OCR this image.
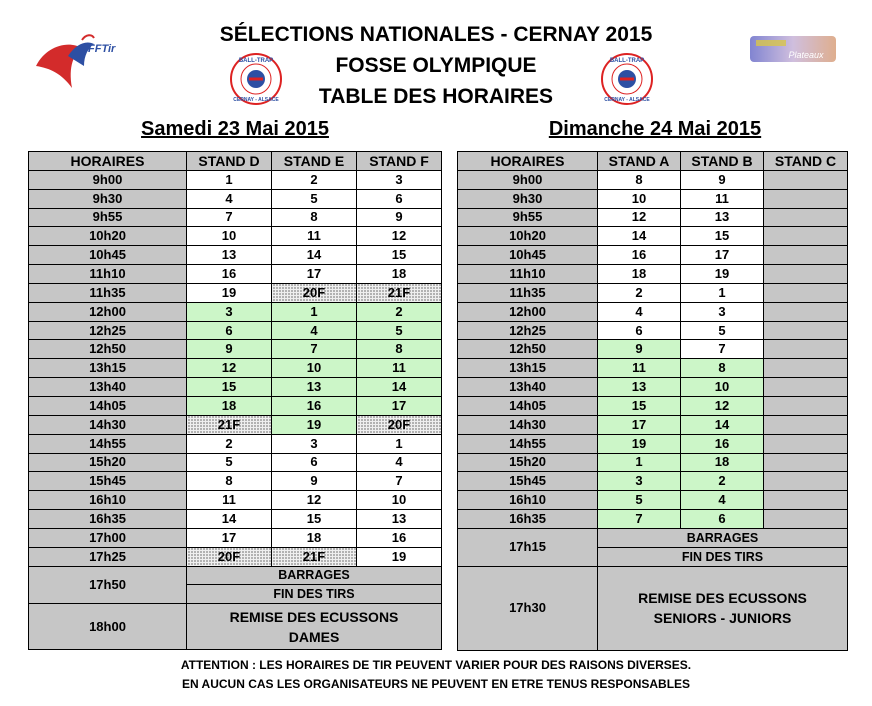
FFTir
BALL-TRAP
CERNAY - ALSACE
BALL-TRAP
CERNAY - ALSACE
Plateaux
SÉLECTIONS NATIONALES - CERNAY 2015
FOSSE OLYMPIQUE
TABLE DES HORAIRES
Samedi 23 Mai 2015	Dimanche 24 Mai 2015
HORAIRES	STAND D	STAND E	STAND F
9h00	1	2	3
9h30	4	5	6
9h55	7	8	9
10h20	10	11	12
10h45	13	14	15
11h10	16	17	18
11h35	19	20F	21F
12h00	3	1	2
12h25	6	4	5
12h50	9	7	8
13h15	12	10	11
13h40	15	13	14
14h05	18	16	17
14h30	21F	19	20F
14h55	2	3	1
15h20	5	6	4
15h45	8	9	7
16h10	11	12	10
16h35	14	15	13
17h00	17	18	16
17h25	20F	21F	19
17h50	BARRAGES		
	FIN DES TIRS		
18h00	REMISE DES ECUSSONS
DAMES		
HORAIRES	STAND A	STAND B	STAND C
9h00	8	9	
9h30	10	11	
9h55	12	13	
10h20	14	15	
10h45	16	17	
11h10	18	19	
11h35	2	1	
12h00	4	3	
12h25	6	5	
12h50	9	7	
13h15	11	8	
13h40	13	10	
14h05	15	12	
14h30	17	14	
14h55	19	16	
15h20	1	18	
15h45	3	2	
16h10	5	4	
16h35	7	6	
17h15	BARRAGES		
	FIN DES TIRS		
17h30	REMISE DES ECUSSONS
SENIORS - JUNIORS		
ATTENTION : LES HORAIRES DE TIR PEUVENT VARIER POUR DES RAISONS DIVERSES.
EN AUCUN CAS LES ORGANISATEURS NE PEUVENT EN ETRE TENUS RESPONSABLES
